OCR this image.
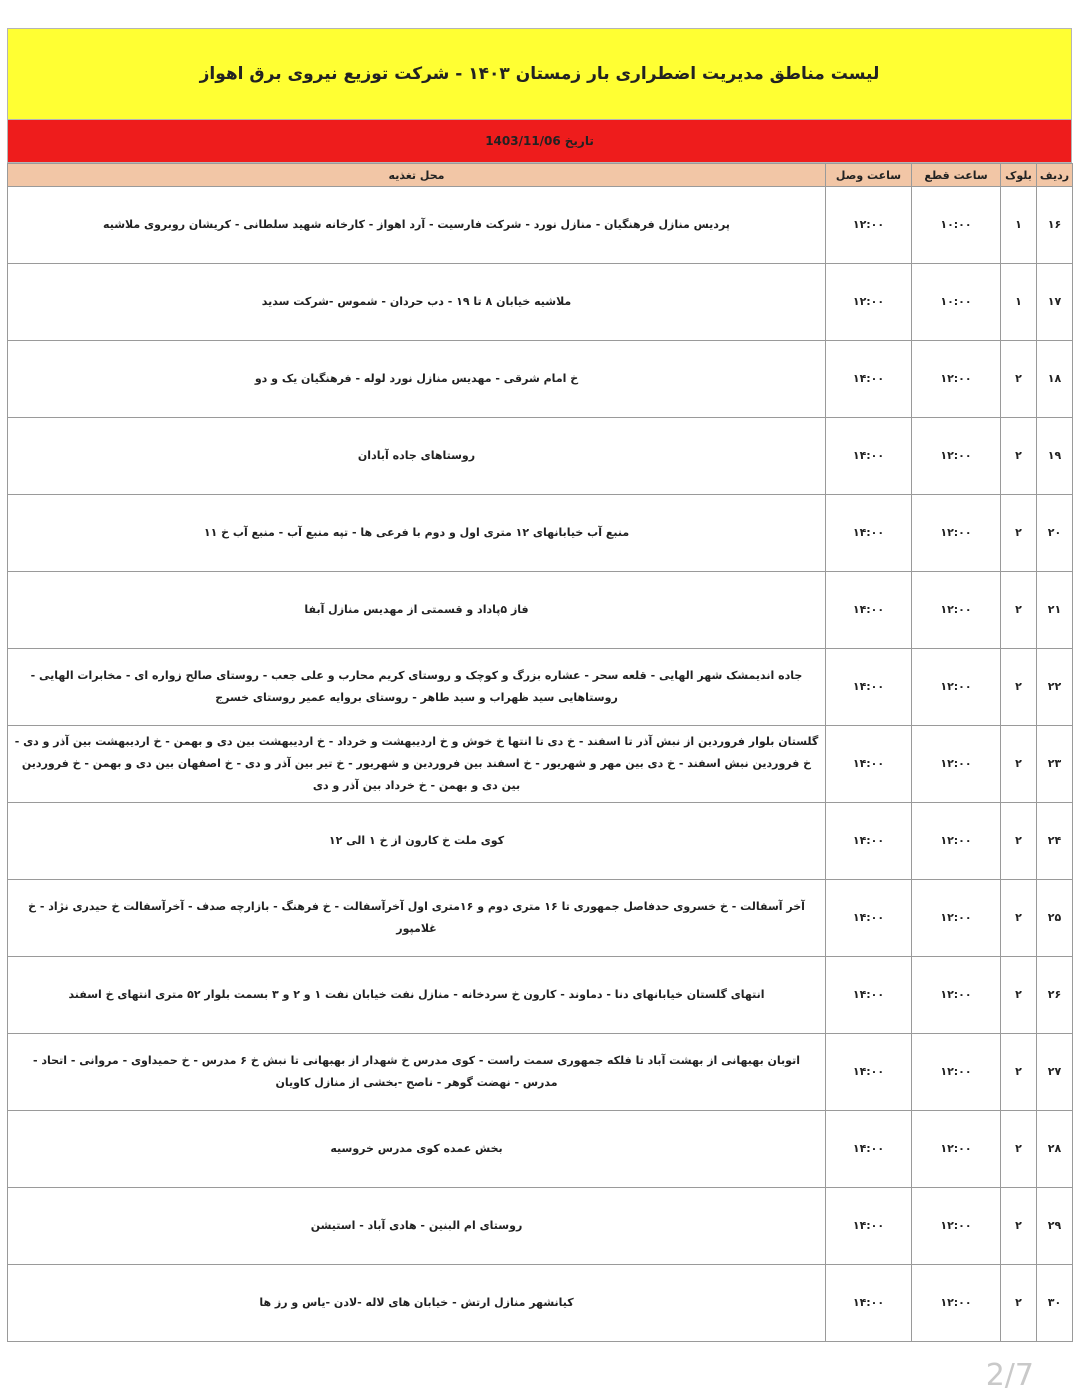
لیست مناطق مدیریت اضطراری بار زمستان ۱۴۰۳ - شرکت توزیع نیروی برق اهواز
تاریخ
1403/11/06
ردیف	بلوک	ساعت قطع	ساعت وصل	محل تغذیه
۱۶	۱	۱۰:۰۰	۱۲:۰۰	پردیس منازل فرهنگیان - منازل نورد - شرکت فارسیت - آرد اهواز - کارخانه شهید سلطانی - کریشان روبروی ملاشیه
۱۷	۱	۱۰:۰۰	۱۲:۰۰	ملاشیه خیابان ۸ تا ۱۹ - دب حردان - شموس -شرکت سدید
۱۸	۲	۱۲:۰۰	۱۴:۰۰	خ امام شرقی - مهدیس منازل نورد لوله - فرهنگیان یک و دو
۱۹	۲	۱۲:۰۰	۱۴:۰۰	روستاهای جاده آبادان
۲۰	۲	۱۲:۰۰	۱۴:۰۰	منبع آب خیابانهای ۱۲ متری اول و دوم با فرعی ها - تپه منبع آب - منبع آب خ ۱۱
۲۱	۲	۱۲:۰۰	۱۴:۰۰	فاز ۵پاداد و قسمتی از مهدیس منازل آبفا
۲۲	۲	۱۲:۰۰	۱۴:۰۰	جاده اندیمشک شهر الهایی - قلعه سحر - عشاره بزرگ و کوچک و روستای کریم محارب و علی جعب - روستای صالح زواره ای - مخابرات الهایی - روستاهایی سید ظهراب و سید طاهر - روستای بروایه عمیر روستای خسرج
۲۳	۲	۱۲:۰۰	۱۴:۰۰	گلستان بلوار فروردین از نبش آذر تا اسفند - خ دی تا انتها خ خوش و خ اردیبهشت و خرداد - خ اردیبهشت بین دی و بهمن - خ اردیبهشت بین آذر و دی - خ فروردین نبش اسفند - خ دی بین مهر و شهریور - خ اسفند بین فروردین و شهریور - خ تیر بین آذر و دی - خ اصفهان بین دی و بهمن - خ فروردین بین دی و بهمن - خ خرداد بین آذر و دی
۲۴	۲	۱۲:۰۰	۱۴:۰۰	کوی ملت خ کارون از خ ۱ الی ۱۲
۲۵	۲	۱۲:۰۰	۱۴:۰۰	آخر آسفالت - خ خسروی حدفاصل جمهوری تا ۱۶ متری دوم و ۱۶متری اول آخرآسفالت - خ فرهنگ - بازارچه صدف - آخرآسفالت خ حیدری نژاد - خ غلامپور
۲۶	۲	۱۲:۰۰	۱۴:۰۰	انتهای گلستان خیابانهای دنا - دماوند - کارون خ سردخانه - منازل نفت خیابان نفت ۱ و ۲ و ۳ بسمت بلوار ۵۲ متری انتهای خ اسفند
۲۷	۲	۱۲:۰۰	۱۴:۰۰	اتوبان بهبهانی از بهشت آباد تا فلکه جمهوری سمت راست - کوی مدرس خ شهدار از بهبهانی تا نبش خ ۶ مدرس - خ حمیداوی - مروانی - اتحاد - مدرس - نهضت گوهر - ناصح -بخشی از منازل کاویان
۲۸	۲	۱۲:۰۰	۱۴:۰۰	بخش عمده کوی مدرس خروسیه
۲۹	۲	۱۲:۰۰	۱۴:۰۰	روستای ام البنین - هادی آباد - استیشن
۳۰	۲	۱۲:۰۰	۱۴:۰۰	کیانشهر منازل ارتش - خیابان های لاله -لادن -یاس و رز ها
2/7
